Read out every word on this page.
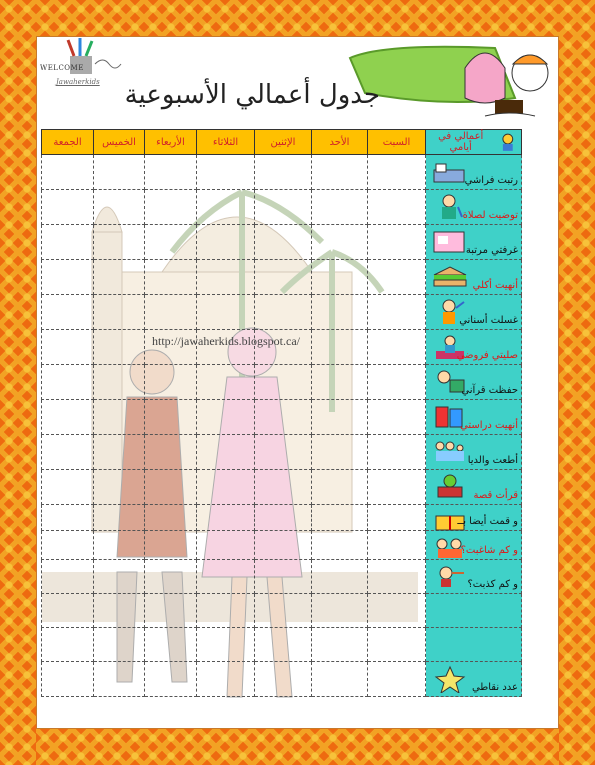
WELCOME
Jawaherkids جدول أعمالي الأسبوعية
الجمعة	الخميس	الأربعاء	الثلاثاء	الإثنين	الأحد	السبت	أعمالي في أيامي

							رتبت فراشي

							توضيت لصلاة

							غرفتي مرتبة

							أنهيت أكلي

							غسلت أسناني

							صليتي فروضي

							حفظت قرآني

							أنهيت دراستي

							أطعت والديا

							قرأت قصة

							و قمت أيضا بــ

							و كم شاغبت؟

							و كم كذبت؟

							عدد نقاطي
http://jawaherkids.blogspot.ca/
